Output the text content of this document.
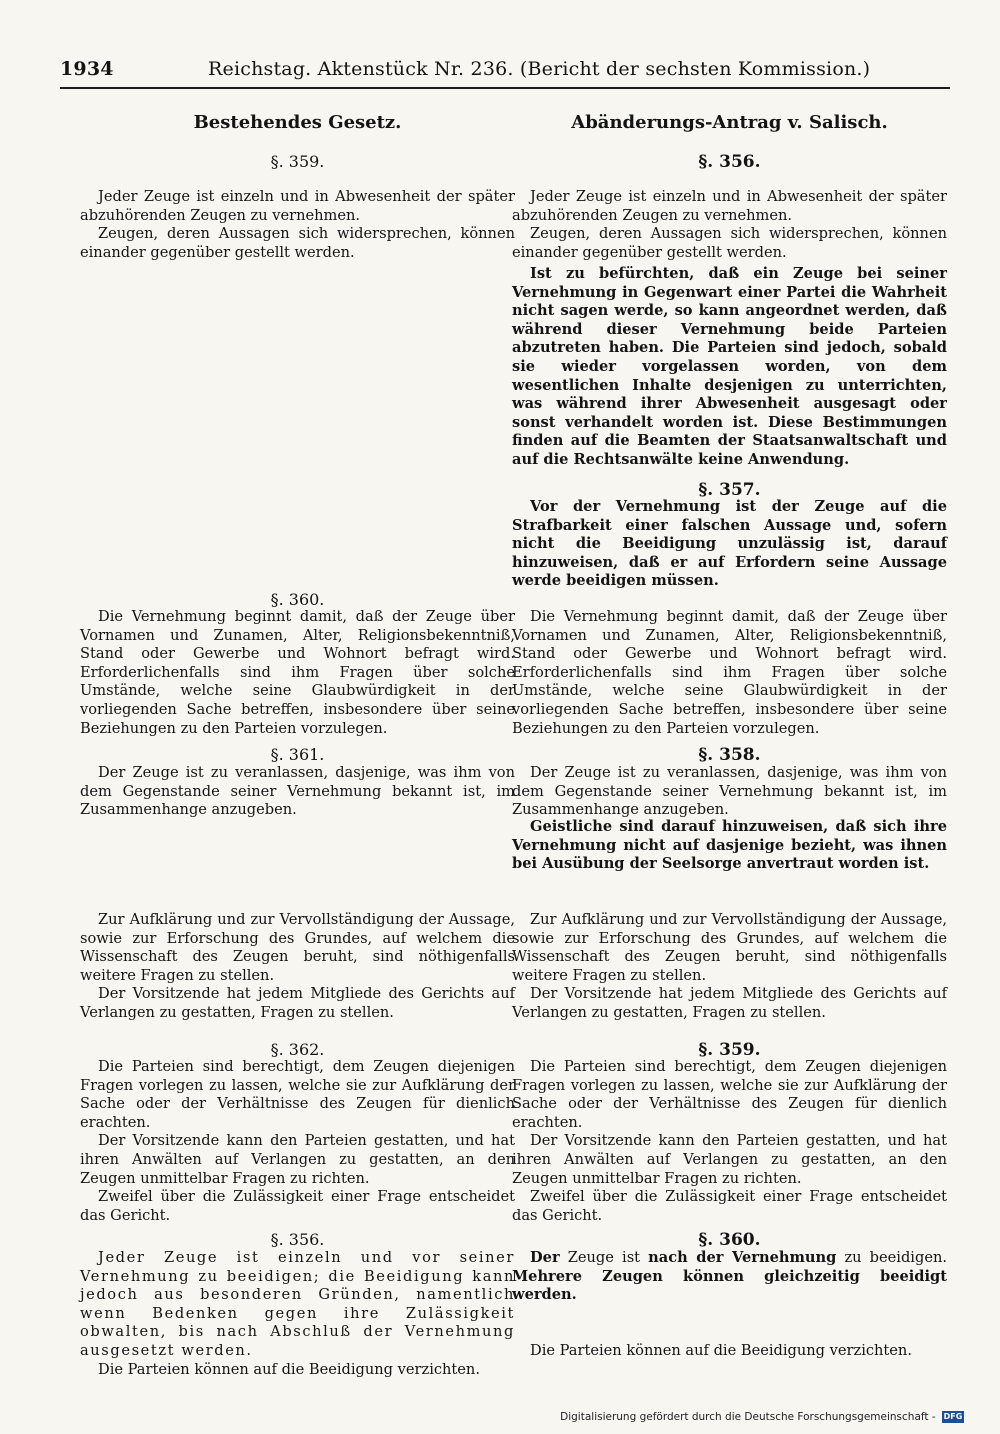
1934	Reichstag. Aktenstück Nr. 236. (Bericht der sechsten Kommission.)
Bestehendes Gesetz.
§. 359.

Jeder Zeuge ist einzeln und in Abwesenheit der später abzuhörenden Zeugen zu vernehmen.

Zeugen, deren Aussagen sich widersprechen, können einander gegenüber gestellt werden.

§. 360.

Die Vernehmung beginnt damit, daß der Zeuge über Vornamen und Zunamen, Alter, Religionsbekenntniß, Stand oder Gewerbe und Wohnort befragt wird. Erforderlichenfalls sind ihm Fragen über solche Umstände, welche seine Glaubwürdigkeit in der vorliegenden Sache betreffen, insbesondere über seine Beziehungen zu den Parteien vorzulegen.

§. 361.

Der Zeuge ist zu veranlassen, dasjenige, was ihm von dem Gegenstande seiner Vernehmung bekannt ist, im Zusammenhange anzugeben.

Zur Aufklärung und zur Vervollständigung der Aussage, sowie zur Erforschung des Grundes, auf welchem die Wissenschaft des Zeugen beruht, sind nöthigenfalls weitere Fragen zu stellen.

Der Vorsitzende hat jedem Mitgliede des Gerichts auf Verlangen zu gestatten, Fragen zu stellen.

§. 362.

Die Parteien sind berechtigt, dem Zeugen diejenigen Fragen vorlegen zu lassen, welche sie zur Aufklärung der Sache oder der Verhältnisse des Zeugen für dienlich erachten.

Der Vorsitzende kann den Parteien gestatten, und hat ihren Anwälten auf Verlangen zu gestatten, an den Zeugen unmittelbar Fragen zu richten.

Zweifel über die Zulässigkeit einer Frage entscheidet das Gericht.

§. 356.

Jeder Zeuge ist einzeln und vor seiner Vernehmung zu beeidigen; die Beeidigung kann jedoch aus besonderen Gründen, namentlich wenn Bedenken gegen ihre Zulässigkeit obwalten, bis nach Abschluß der Vernehmung ausgesetzt werden.

Die Parteien können auf die Beeidigung verzichten.

Abänderungs-Antrag v. Salisch.
§. 356.

Jeder Zeuge ist einzeln und in Abwesenheit der später abzuhörenden Zeugen zu vernehmen.

Zeugen, deren Aussagen sich widersprechen, können einander gegenüber gestellt werden.

Ist zu befürchten, daß ein Zeuge bei seiner Vernehmung in Gegenwart einer Partei die Wahrheit nicht sagen werde, so kann angeordnet werden, daß während dieser Vernehmung beide Parteien abzutreten haben. Die Parteien sind jedoch, sobald sie wieder vorgelassen worden, von dem wesentlichen Inhalte desjenigen zu unterrichten, was während ihrer Abwesenheit ausgesagt oder sonst verhandelt worden ist. Diese Bestimmungen finden auf die Beamten der Staatsanwaltschaft und auf die Rechtsanwälte keine Anwendung.

§. 357.

Vor der Vernehmung ist der Zeuge auf die Strafbarkeit einer falschen Aussage und, sofern nicht die Beeidigung unzulässig ist, darauf hinzuweisen, daß er auf Erfordern seine Aussage werde beeidigen müssen.

Die Vernehmung beginnt damit, daß der Zeuge über Vornamen und Zunamen, Alter, Religionsbekenntniß, Stand oder Gewerbe und Wohnort befragt wird. Erforderlichenfalls sind ihm Fragen über solche Umstände, welche seine Glaubwürdigkeit in der vorliegenden Sache betreffen, insbesondere über seine Beziehungen zu den Parteien vorzulegen.

§. 358.

Der Zeuge ist zu veranlassen, dasjenige, was ihm von dem Gegenstande seiner Vernehmung bekannt ist, im Zusammenhange anzugeben.

Geistliche sind darauf hinzuweisen, daß sich ihre Vernehmung nicht auf dasjenige bezieht, was ihnen bei Ausübung der Seelsorge anvertraut worden ist.

Zur Aufklärung und zur Vervollständigung der Aussage, sowie zur Erforschung des Grundes, auf welchem die Wissenschaft des Zeugen beruht, sind nöthigenfalls weitere Fragen zu stellen.

Der Vorsitzende hat jedem Mitgliede des Gerichts auf Verlangen zu gestatten, Fragen zu stellen.

§. 359.

Die Parteien sind berechtigt, dem Zeugen diejenigen Fragen vorlegen zu lassen, welche sie zur Aufklärung der Sache oder der Verhältnisse des Zeugen für dienlich erachten.

Der Vorsitzende kann den Parteien gestatten, und hat ihren Anwälten auf Verlangen zu gestatten, an den Zeugen unmittelbar Fragen zu richten.

Zweifel über die Zulässigkeit einer Frage entscheidet das Gericht.

§. 360.

Der Zeuge ist nach der Vernehmung zu beeidigen. Mehrere Zeugen können gleichzeitig beeidigt werden.

Die Parteien können auf die Beeidigung verzichten.

Digitalisierung gefördert durch die Deutsche Forschungsgemeinschaft - DFG
